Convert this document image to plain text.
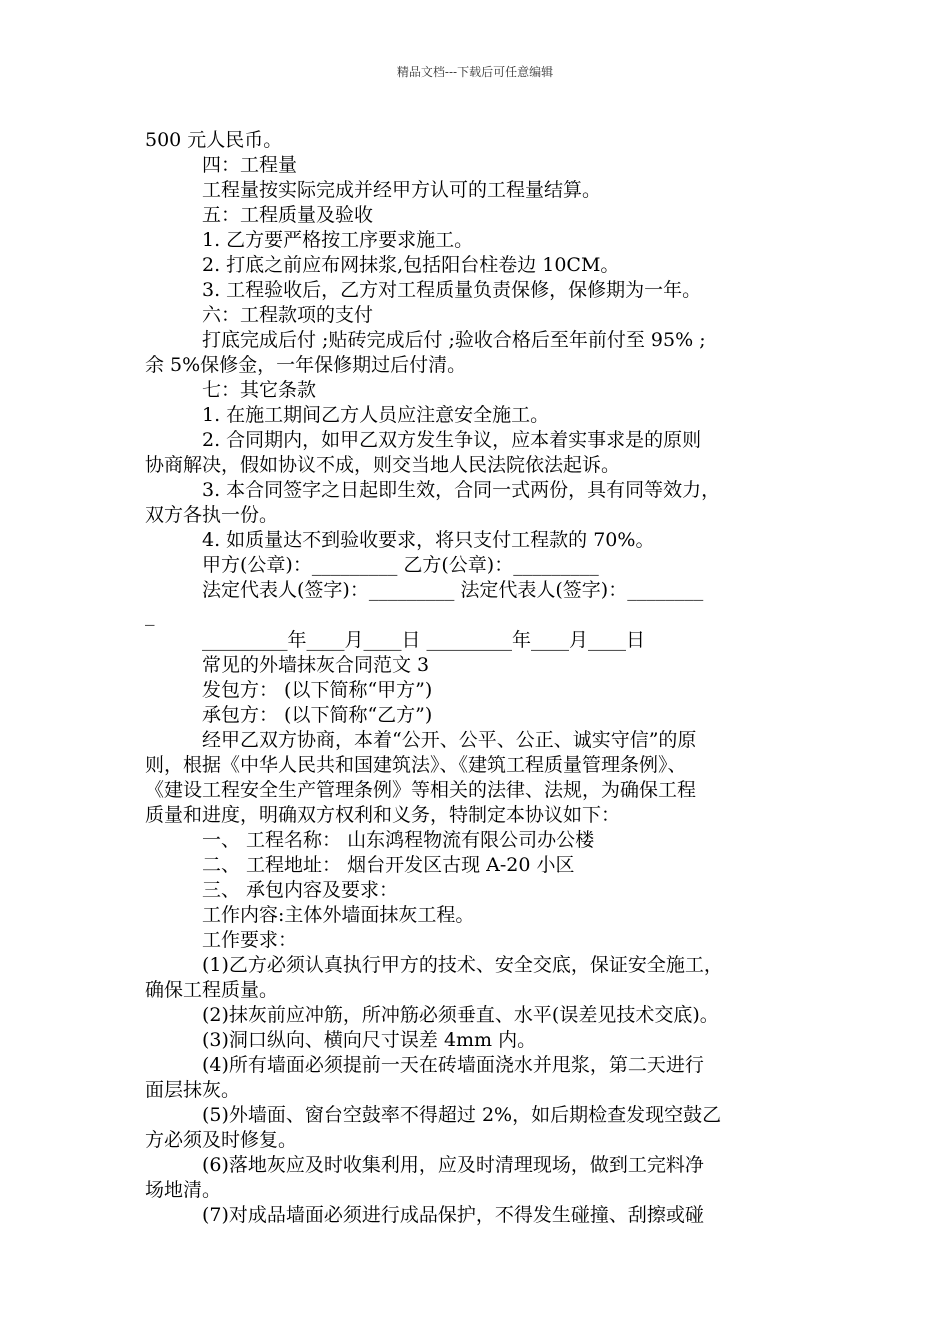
精品文档---下载后可任意编辑
500 元人民币。
四：工程量
工程量按实际完成并经甲方认可的工程量结算。
五：工程质量及验收
1. 乙方要严格按工序要求施工。
2. 打底之前应布网抹浆,包括阳台柱卷边 10CM。
3. 工程验收后，乙方对工程质量负责保修，保修期为一年。
六：工程款项的支付
打底完成后付 ;贴砖完成后付 ;验收合格后至年前付至 95% ;
余 5%保修金，一年保修期过后付清。
七：其它条款
1. 在施工期间乙方人员应注意安全施工。
2. 合同期内，如甲乙双方发生争议，应本着实事求是的原则
协商解决，假如协议不成，则交当地人民法院依法起诉。
3. 本合同签字之日起即生效，合同一式两份，具有同等效力，
双方各执一份。
4. 如质量达不到验收要求，将只支付工程款的 70%。
甲方(公章)：_________ 乙方(公章)：_________
法定代表人(签字)：_________ 法定代表人(签字)：________
_
_________年____月____日 _________年____月____日
常见的外墙抹灰合同范文 3
发包方： (以下简称“甲方”)
承包方： (以下简称“乙方”)
经甲乙双方协商，本着“公开、公平、公正、诚实守信”的原
则，根据《中华人民共和国建筑法》、《建筑工程质量管理条例》、
《建设工程安全生产管理条例》等相关的法律、法规，为确保工程
质量和进度，明确双方权利和义务，特制定本协议如下：
一、 工程名称： 山东鸿程物流有限公司办公楼
二、 工程地址： 烟台开发区古现 A-20 小区
三、 承包内容及要求：
工作内容:主体外墙面抹灰工程。
工作要求：
(1)乙方必须认真执行甲方的技术、安全交底，保证安全施工，
确保工程质量。
(2)抹灰前应冲筋，所冲筋必须垂直、水平(误差见技术交底)。
(3)洞口纵向、横向尺寸误差 4mm 内。
(4)所有墙面必须提前一天在砖墙面浇水并甩浆，第二天进行
面层抹灰。
(5)外墙面、窗台空鼓率不得超过 2%，如后期检查发现空鼓乙
方必须及时修复。
(6)落地灰应及时收集利用，应及时清理现场，做到工完料净
场地清。
(7)对成品墙面必须进行成品保护，不得发生碰撞、刮擦或碰
